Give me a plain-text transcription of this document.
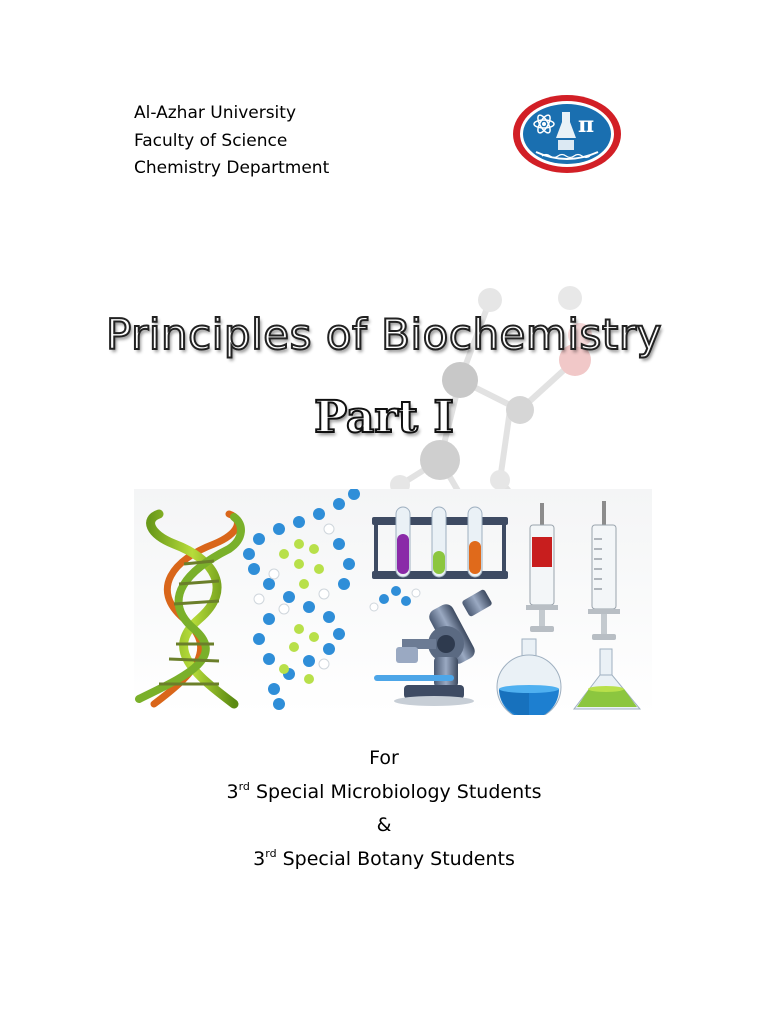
Al-Azhar University

Faculty of Science

Chemistry Department

π
Principles of Biochemistry
Part I

For

3rd Special Microbiology Students

&

3rd Special Botany Students
